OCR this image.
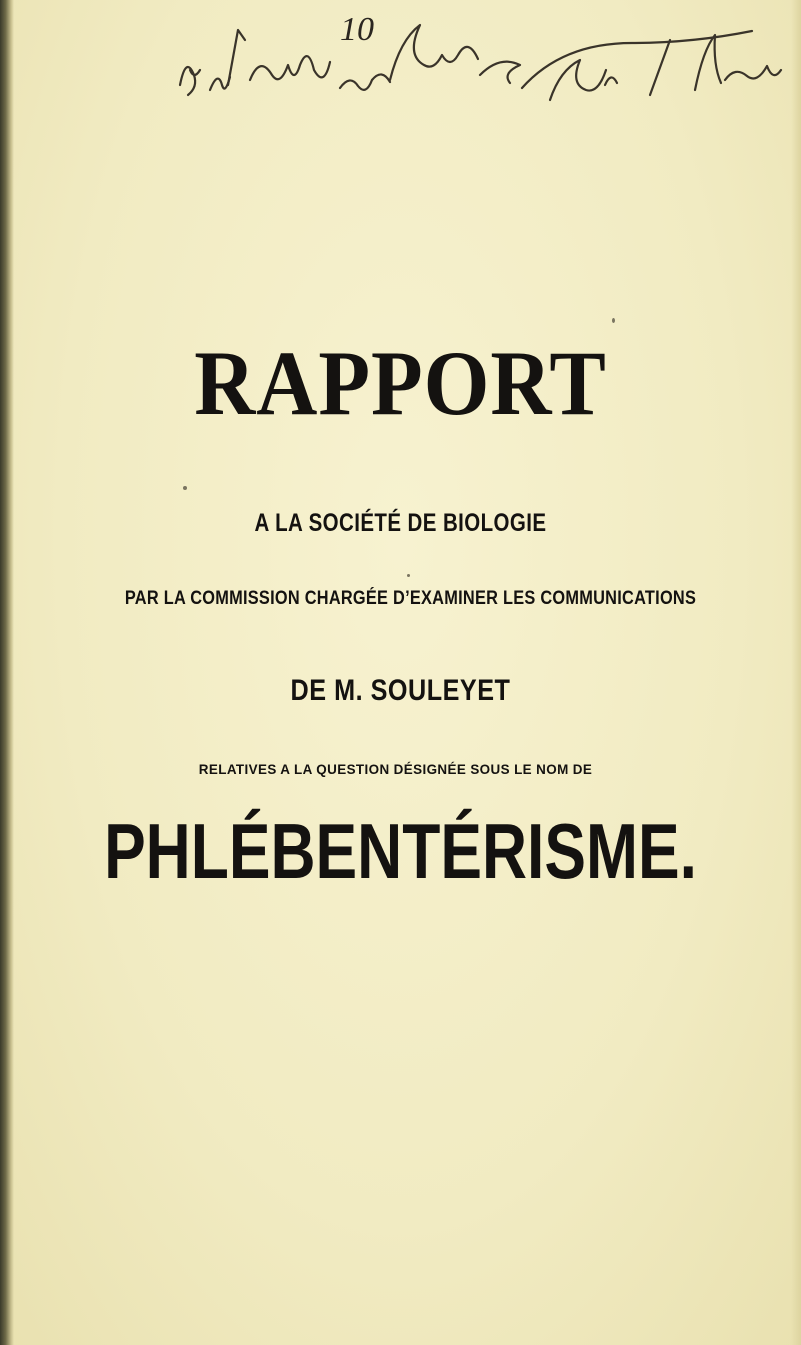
10
RAPPORT
A LA SOCIÉTÉ DE BIOLOGIE
PAR LA COMMISSION CHARGÉE D’EXAMINER LES COMMUNICATIONS
DE M. SOULEYET
RELATIVES A LA QUESTION DÉSIGNÉE SOUS LE NOM DE
PHLÉBENTÉRISME.
